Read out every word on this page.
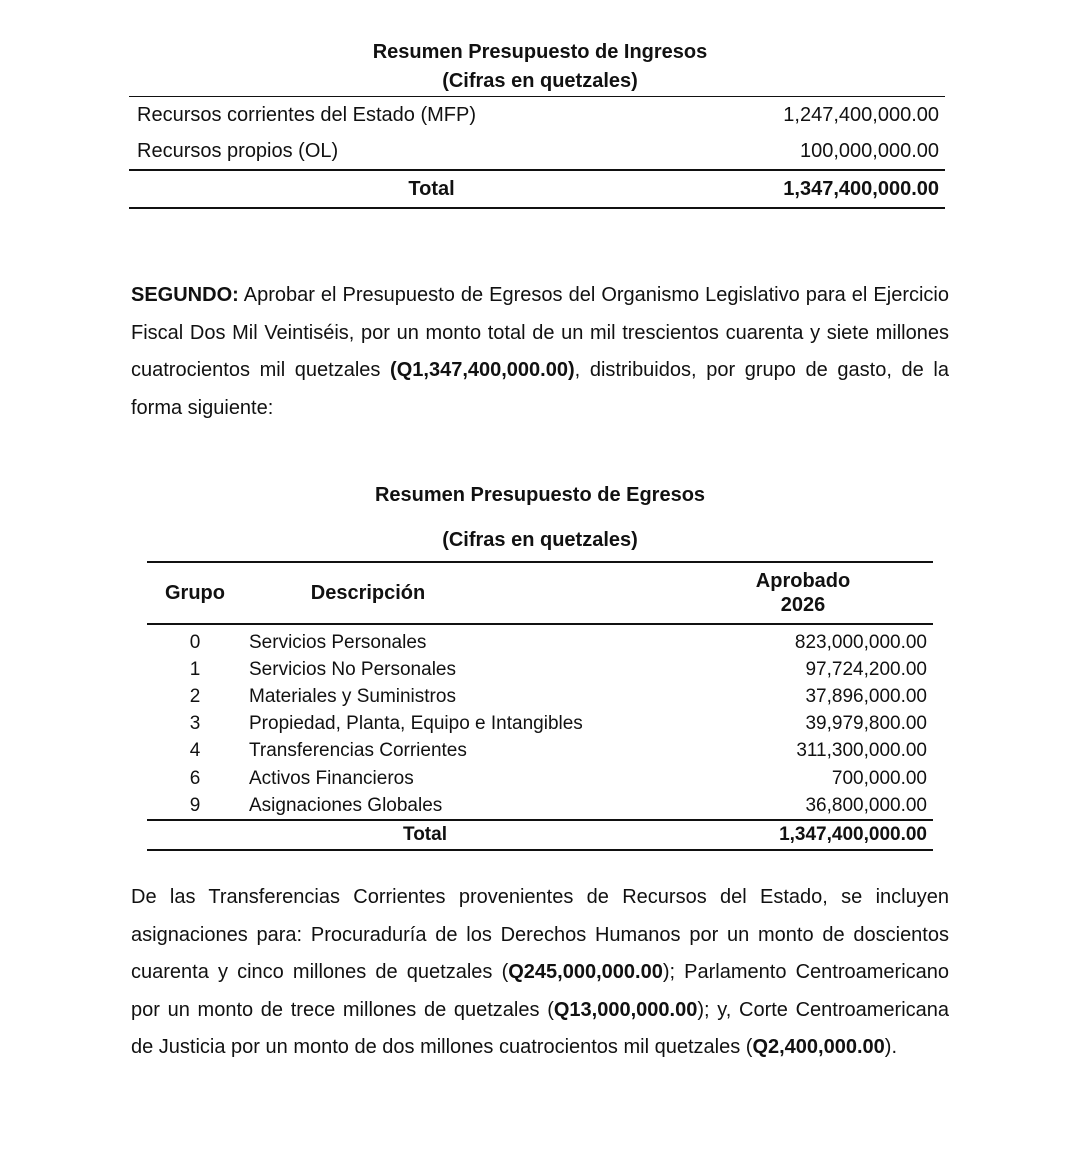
Resumen Presupuesto de Ingresos
(Cifras en quetzales)
Recursos corrientes del Estado (MFP)	1,247,400,000.00
Recursos propios (OL)	100,000,000.00
Total	1,347,400,000.00

SEGUNDO: Aprobar el Presupuesto de Egresos del Organismo Legislativo para el Ejercicio Fiscal Dos Mil Veintiséis, por un monto total de un mil trescientos cuarenta y siete millones cuatrocientos mil quetzales (Q1,347,400,000.00), distribuidos, por grupo de gasto, de la forma siguiente:

Resumen Presupuesto de Egresos
(Cifras en quetzales)
Grupo	Descripción	Aprobado
2026

0	Servicios Personales	823,000,000.00
1	Servicios No Personales	97,724,200.00
2	Materiales y Suministros	37,896,000.00
3	Propiedad, Planta, Equipo e Intangibles	39,979,800.00
4	Transferencias Corrientes	311,300,000.00
6	Activos Financieros	700,000.00
9	Asignaciones Globales	36,800,000.00
Total		1,347,400,000.00

De las Transferencias Corrientes provenientes de Recursos del Estado, se incluyen asignaciones para: Procuraduría de los Derechos Humanos por un monto de doscientos cuarenta y cinco millones de quetzales (Q245,000,000.00); Parlamento Centroamericano por un monto de trece millones de quetzales (Q13,000,000.00); y, Corte Centroamericana de Justicia por un monto de dos millones cuatrocientos mil quetzales (Q2,400,000.00).
